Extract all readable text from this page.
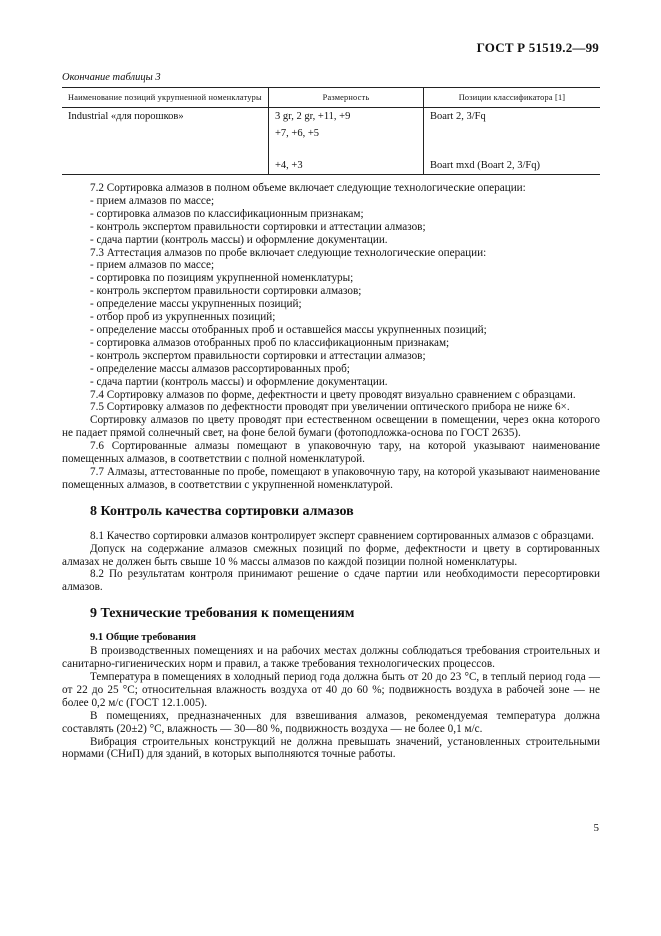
ГОСТ Р 51519.2—99
Окончание таблицы 3
Наименование позиций укрупненной номенклатуры	Размерность	Позиции классификатора [1]
Industrial «для порошков»	3 gr, 2 gr, +11, +9	Boart 2, 3/Fq
	+7, +6, +5	

	+4, +3	Boart mxd (Boart 2, 3/Fq)

7.2 Сортировка алмазов в полном объеме включает следующие технологические операции:

- прием алмазов по массе;

- сортировка алмазов по классификационным признакам;

- контроль экспертом правильности сортировки и аттестации алмазов;

- сдача партии (контроль массы) и оформление документации.

7.3 Аттестация алмазов по пробе включает следующие технологические операции:

- прием алмазов по массе;

- сортировка по позициям укрупненной номенклатуры;

- контроль экспертом правильности сортировки алмазов;

- определение массы укрупненных позиций;

- отбор проб из укрупненных позиций;

- определение массы отобранных проб и оставшейся массы укрупненных позиций;

- сортировка алмазов отобранных проб по классификационным признакам;

- контроль экспертом правильности сортировки и аттестации алмазов;

- определение массы алмазов рассортированных проб;

- сдача партии (контроль массы) и оформление документации.

7.4 Сортировку алмазов по форме, дефектности и цвету проводят визуально сравнением с образцами.

7.5 Сортировку алмазов по дефектности проводят при увеличении оптического прибора не ниже 6×.

Сортировку алмазов по цвету проводят при естественном освещении в помещении, через окна которого не падает прямой солнечный свет, на фоне белой бумаги (фотоподложка-основа по ГОСТ 2635).

7.6 Сортированные алмазы помещают в упаковочную тару, на которой указывают наименование помещенных алмазов, в соответствии с полной номенклатурой.

7.7 Алмазы, аттестованные по пробе, помещают в упаковочную тару, на которой указывают наименование помещенных алмазов, в соответствии с укрупненной номенклатурой.

8 Контроль качества сортировки алмазов

8.1 Качество сортировки алмазов контролирует эксперт сравнением сортированных алмазов с образцами.

Допуск на содержание алмазов смежных позиций по форме, дефектности и цвету в сортированных алмазах не должен быть свыше 10 % массы алмазов по каждой позиции полной номенклатуры.

8.2 По результатам контроля принимают решение о сдаче партии или необходимости пересортировки алмазов.

9 Технические требования к помещениям
9.1 Общие требования

В производственных помещениях и на рабочих местах должны соблюдаться требования строительных и санитарно-гигиенических норм и правил, а также требования технологических процессов.

Температура в помещениях в холодный период года должна быть от 20 до 23 °С, в теплый период года — от 22 до 25 °С; относительная влажность воздуха от 40 до 60 %; подвижность воздуха в рабочей зоне — не более 0,2 м/с (ГОСТ 12.1.005).

В помещениях, предназначенных для взвешивания алмазов, рекомендуемая температура должна составлять (20±2) °С, влажность — 30—80 %, подвижность воздуха — не более 0,1 м/с.

Вибрация строительных конструкций не должна превышать значений, установленных строительными нормами (СНиП) для зданий, в которых выполняются точные работы.

5
